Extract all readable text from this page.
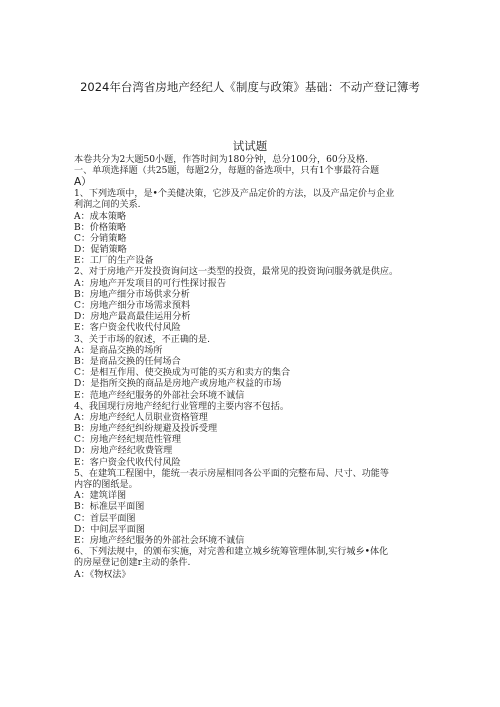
2024年台湾省房地产经纪人《制度与政策》基础：不动产登记簿考
试试题
本卷共分为2大题50小题，作答时间为180分钟，总分100分，60分及格.
一、单项选择题（共25题，每题2分，每题的备选项中，只有1个事最符合题
A）
1、下列选项中，是•个美健决策，它涉及产品定价的方法，以及产品定价与企业
利润之间的关系.
A：成本策略
B：价格策略
C：分销策略
D：促销策略
E：工厂的生产设备
2、对于房地产开发投资询问这一类型的投资，最常见的投资询问服务就是供应。
A：房地产开发项目的可行性探讨报告
B：房地产细分市场供求分析
C：房地产细分市场需求预料
D：房地产最高最佳运用分析
E：客户资金代收代付风险
3、关于市场的叙述，不正确的是.
A：是商品交换的场所
B：是商品交换的任何场合
C：是相互作用、使交换成为可能的买方和卖方的集合
D：是指所交换的商品是房地产或房地产权益的市场
E：范地产经纪服务的外部社会环境不诚信
4、我国现行房地产经纪行业管理的主要内容不包括。
A：房地产经纪人员职业资格管理
B：房地产经纪纠纷规避及投诉受理
C：房地产经纪规范性管理
D：房地产经纪收费管理
E：客户资金代收代付风险
5、在建筑工程图中，能统一表示房屋相同各公平面的完整布局、尺寸、功能等
内容的图纸是。
A：建筑详图
B：标准层平面图
C：首层平面图
D：中间层平面图
E：房地产经纪服务的外部社会环境不诚信
6、下列法规中，的颁布实施，对完善和建立城乡统筹管理体制,实行城乡•体化
的房屋登记创建r主动的条件.
A：《物权法》
